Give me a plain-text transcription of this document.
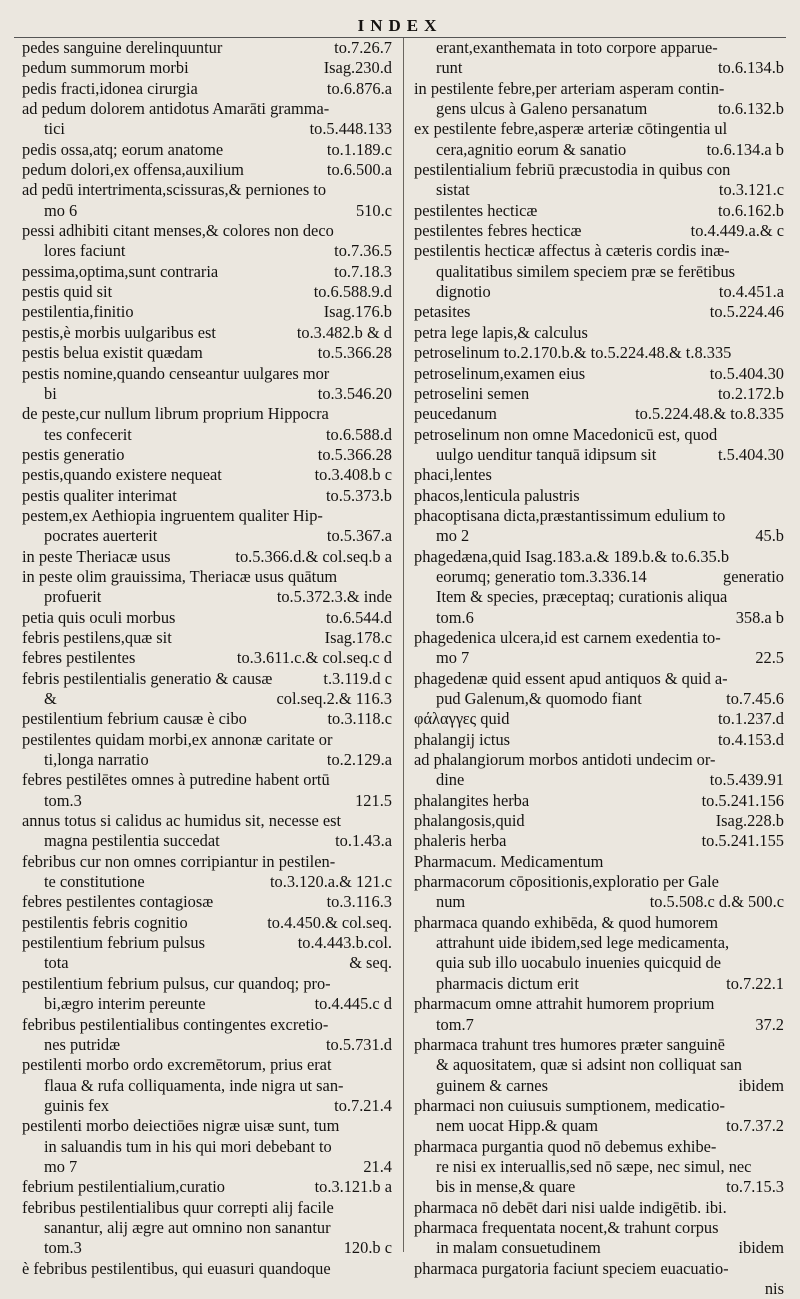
INDEX
pedes sanguine derelinquuntur	to.7.26.7
pedum summorum morbi	Isag.230.d
pedis fracti,idonea cirurgia	to.6.876.a
ad pedum dolorem antidotus Amarāti gramma-
tici	to.5.448.133
pedis ossa,atq; eorum anatome	to.1.189.c
pedum dolori,ex offensa,auxilium	to.6.500.a
ad pedū intertrimenta,scissuras,& perniones to
mo 6	510.c
pessi adhibiti citant menses,& colores non deco
lores faciunt	to.7.36.5
pessima,optima,sunt contraria	to.7.18.3
pestis quid sit	to.6.588.9.d
pestilentia,finitio	Isag.176.b
pestis,è morbis uulgaribus est	to.3.482.b & d
pestis belua existit quædam	to.5.366.28
pestis nomine,quando censeantur uulgares mor
bi	to.3.546.20
de peste,cur nullum librum proprium Hippocra
tes confecerit	to.6.588.d
pestis generatio	to.5.366.28
pestis,quando existere nequeat	to.3.408.b c
pestis qualiter interimat	to.5.373.b
pestem,ex Aethiopia ingruentem qualiter Hip-
pocrates auerterit	to.5.367.a
in peste Theriacæ usus	to.5.366.d.& col.seq.b a
in peste olim grauissima, Theriacæ usus quātum
profuerit	to.5.372.3.& inde
petia quis oculi morbus	to.6.544.d
febris pestilens,quæ sit	Isag.178.c
febres pestilentes	to.3.611.c.& col.seq.c d
febris pestilentialis generatio & causæ	t.3.119.d c
&	col.seq.2.& 116.3
pestilentium febrium causæ è cibo	to.3.118.c
pestilentes quidam morbi,ex annonæ caritate or
ti,longa narratio	to.2.129.a
febres pestilētes omnes à putredine habent ortū
tom.3	121.5
annus totus si calidus ac humidus sit, necesse est
magna pestilentia succedat	to.1.43.a
febribus cur non omnes corripiantur in pestilen-
te constitutione	to.3.120.a.& 121.c
febres pestilentes contagiosæ	to.3.116.3
pestilentis febris cognitio	to.4.450.& col.seq.
pestilentium febrium pulsus	to.4.443.b.col.
tota	& seq.
pestilentium febrium pulsus, cur quandoq; pro-
bi,ægro interim pereunte	to.4.445.c d
febribus pestilentialibus contingentes excretio-
nes putridæ	to.5.731.d
pestilenti morbo ordo excremētorum, prius erat
flaua & rufa colliquamenta, inde nigra ut san-
guinis fex	to.7.21.4
pestilenti morbo deiectiōes nigræ uisæ sunt, tum
in saluandis tum in his qui mori debebant to
mo 7	21.4
febrium pestilentialium,curatio	to.3.121.b a
febribus pestilentialibus quur correpti alij facile
sanantur, alij ægre aut omnino non sanantur
tom.3	120.b c
è febribus pestilentibus, qui euasuri quandoque
erant,exanthemata in toto corpore apparue-
runt	to.6.134.b
in pestilente febre,per arteriam asperam contin-
gens ulcus à Galeno persanatum	to.6.132.b
ex pestilente febre,asperæ arteriæ cōtingentia ul
cera,agnitio eorum & sanatio	to.6.134.a b
pestilentialium febriū præcustodia in quibus con
sistat	to.3.121.c
pestilentes hecticæ	to.6.162.b
pestilentes febres hecticæ	to.4.449.a.& c
pestilentis hecticæ affectus à cæteris cordis inæ-
qualitatibus similem speciem præ se ferētibus
dignotio	to.4.451.a
petasites	to.5.224.46
petra lege lapis,& calculus
petroselinum to.2.170.b.& to.5.224.48.& t.8.335
petroselinum,examen eius	to.5.404.30
petroselini semen	to.2.172.b
peucedanum	to.5.224.48.& to.8.335
petroselinum non omne Macedonicū est, quod
uulgo uenditur tanquā idipsum sit	t.5.404.30
phaci,lentes
phacos,lenticula palustris
phacoptisana dicta,præstantissimum edulium to
mo 2	45.b
phagedæna,quid Isag.183.a.& 189.b.& to.6.35.b
eorumq; generatio tom.3.336.14	generatio
Item & species, præceptaq; curationis aliqua
tom.6	358.a b
phagedenica ulcera,id est carnem exedentia to-
mo 7	22.5
phagedenæ quid essent apud antiquos & quid a-
pud Galenum,& quomodo fiant	to.7.45.6
φάλαγγες quid	to.1.237.d
phalangij ictus	to.4.153.d
ad phalangiorum morbos antidoti undecim or-
dine	to.5.439.91
phalangites herba	to.5.241.156
phalangosis,quid	Isag.228.b
phaleris herba	to.5.241.155
Pharmacum. Medicamentum
pharmacorum cōpositionis,exploratio per Gale
num	to.5.508.c d.& 500.c
pharmaca quando exhibēda, & quod humorem
attrahunt uide ibidem,sed lege medicamenta,
quia sub illo uocabulo inuenies quicquid de
pharmacis dictum erit	to.7.22.1
pharmacum omne attrahit humorem proprium
tom.7	37.2
pharmaca trahunt tres humores præter sanguinē
& aquositatem, quæ si adsint non colliquat san
guinem & carnes	ibidem
pharmaci non cuiusuis sumptionem, medicatio-
nem uocat Hipp.& quam	to.7.37.2
pharmaca purgantia quod nō debemus exhibe-
re nisi ex interuallis,sed nō sæpe, nec simul, nec
bis in mense,& quare	to.7.15.3
pharmaca nō debēt dari nisi ualde indigētib. ibi.
pharmaca frequentata nocent,& trahunt corpus
in malam consuetudinem	ibidem
pharmaca purgatoria faciunt speciem euacuatio-
nis
